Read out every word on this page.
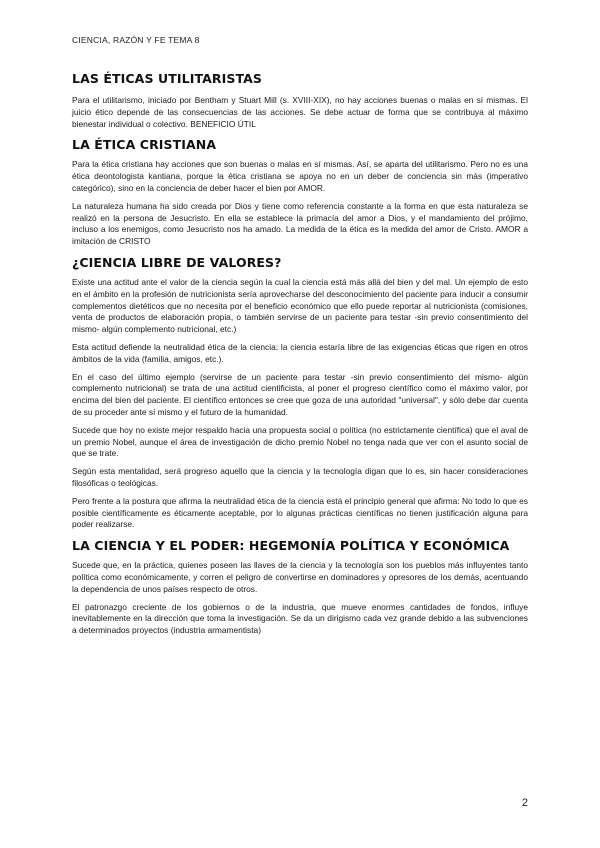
CIENCIA, RAZÓN Y FE TEMA 8
LAS ÉTICAS UTILITARISTAS

Para el utilitarismo, iniciado por Bentham y Stuart Mill (s. XVIII-XIX), no hay acciones buenas o malas en sí mismas. El juicio ético depende de las consecuencias de las acciones. Se debe actuar de forma que se contribuya al máximo bienestar individual o colectivo. BENEFICIO ÚTIL

LA ÉTICA CRISTIANA

Para la ética cristiana hay acciones que son buenas o malas en sí mismas. Así, se aparta del utilitarismo. Pero no es una ética deontologista kantiana, porque la ética cristiana se apoya no en un deber de conciencia sin más (imperativo categórico), sino en la conciencia de deber hacer el bien por AMOR.

La naturaleza humana ha sido creada por Dios y tiene como referencia constante a la forma en que esta naturaleza se realizó en la persona de Jesucristo. En ella se establece la primacía del amor a Dios, y el mandamiento del prójimo, incluso a los enemigos, como Jesucristo nos ha amado. La medida de la ética es la medida del amor de Cristo. AMOR a imitación de CRISTO

¿CIENCIA LIBRE DE VALORES?

Existe una actitud ante el valor de la ciencia según la cual la ciencia está más allá del bien y del mal. Un ejemplo de esto en el ámbito en la profesión de nutricionista sería aprovecharse del desconocimiento del paciente para inducir a consumir complementos dietéticos que no necesita por el beneficio económico que ello puede reportar al nutricionista (comisiones, venta de productos de elaboración propia, o también servirse de un paciente para testar -sin previo consentimiento del mismo- algún complemento nutricional, etc.)

Esta actitud defiende la neutralidad ética de la ciencia: la ciencia estaría libre de las exigencias éticas que rigen en otros ámbitos de la vida (familia, amigos, etc.).

En el caso del último ejemplo (servirse de un paciente para testar -sin previo consentimiento del mismo- algún complemento nutricional) se trata de una actitud cientificista, al poner el progreso científico como el máximo valor, por encima del bien del paciente. El científico entonces se cree que goza de una autoridad "universal", y sólo debe dar cuenta de su proceder ante sí mismo y el futuro de la humanidad.

Sucede que hoy no existe mejor respaldo hacia una propuesta social o política (no estrictamente científica) que el aval de un premio Nobel, aunque el área de investigación de dicho premio Nobel no tenga nada que ver con el asunto social de que se trate.

Según esta mentalidad, será progreso aquello que la ciencia y la tecnología digan que lo es, sin hacer consideraciones filosóficas o teológicas.

Pero frente a la postura que afirma la neutralidad ética de la ciencia está el principio general que afirma: No todo lo que es posible científicamente es éticamente aceptable, por lo algunas prácticas científicas no tienen justificación alguna para poder realizarse.

LA CIENCIA Y EL PODER: HEGEMONÍA POLÍTICA Y ECONÓMICA

Sucede que, en la práctica, quienes poseen las llaves de la ciencia y la tecnología son los pueblos más influyentes tanto política como económicamente, y corren el peligro de convertirse en dominadores y opresores de los demás, acentuando la dependencia de unos países respecto de otros.

El patronazgo creciente de los gobiernos o de la industria, que mueve enormes cantidades de fondos, influye inevitablemente en la dirección que toma la investigación. Se da un dirigismo cada vez grande debido a las subvenciones a determinados proyectos (industria armamentista)

2
